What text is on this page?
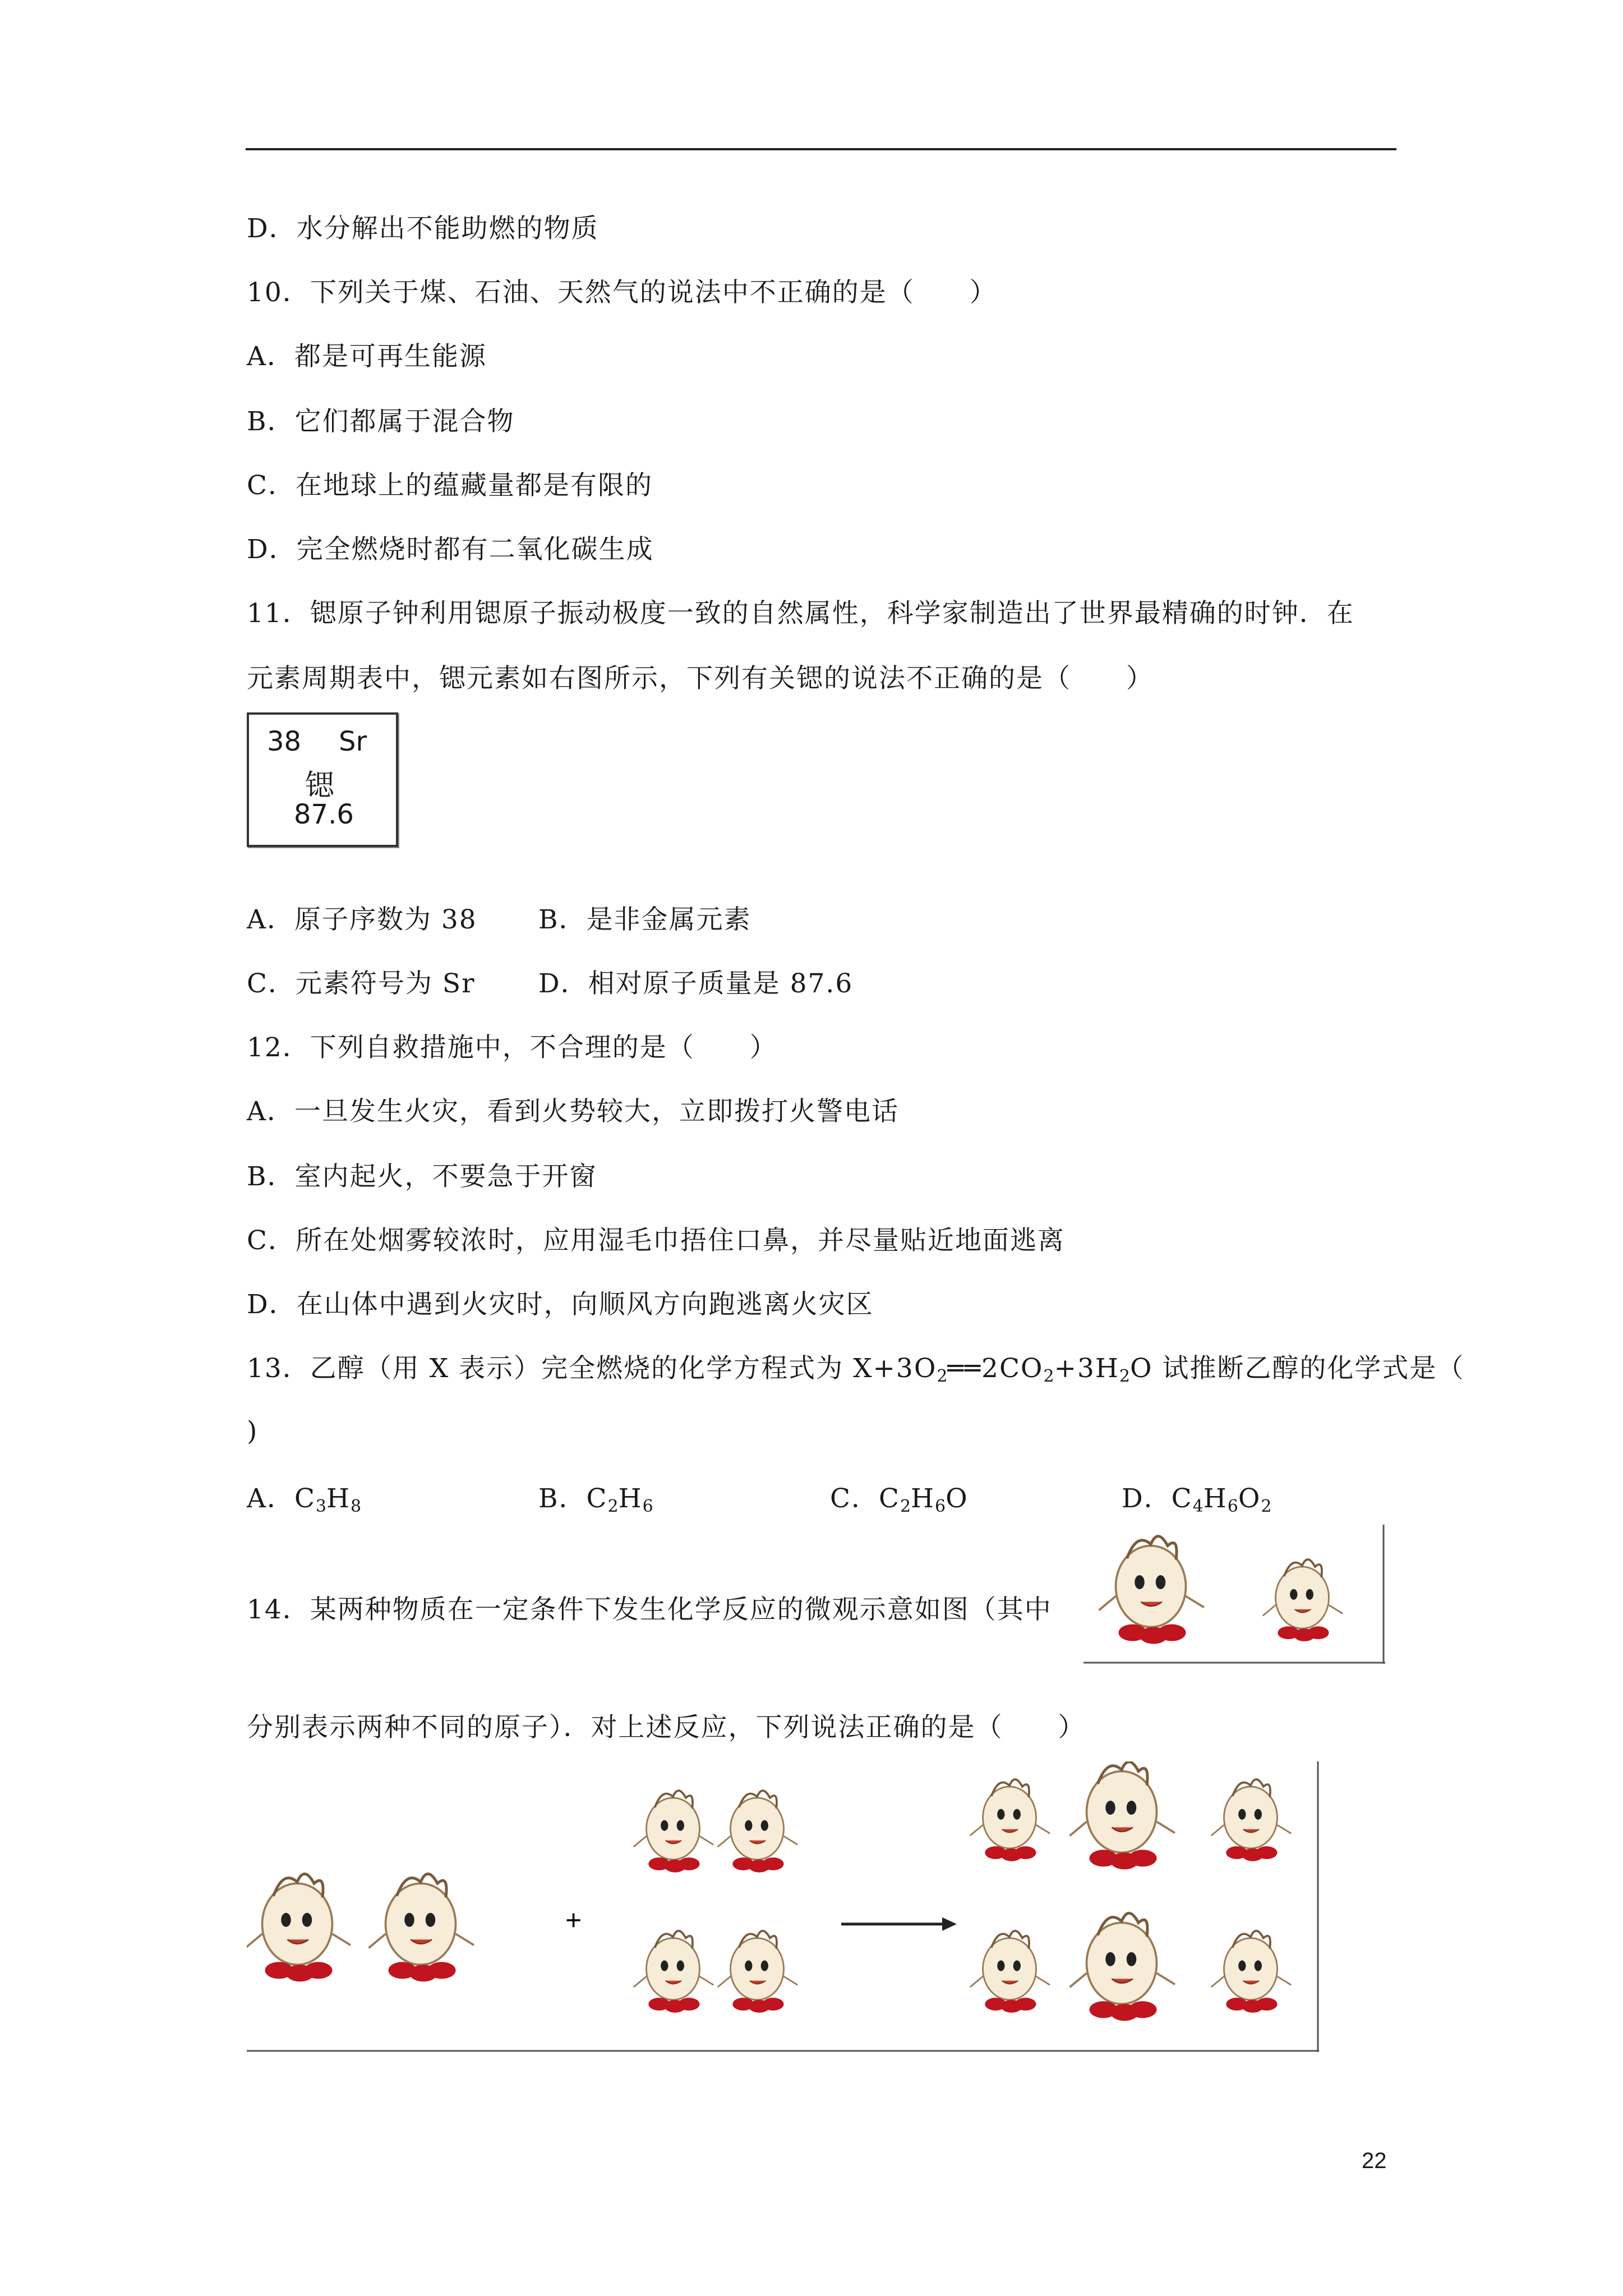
D．水分解出不能助燃的物质
10．下列关于煤、石油、天然气的说法中不正确的是（　　）
A．都是可再生能源
B．它们都属于混合物
C．在地球上的蕴藏量都是有限的
D．完全燃烧时都有二氧化碳生成
11．锶原子钟利用锶原子振动极度一致的自然属性，科学家制造出了世界最精确的时钟．在
元素周期表中，锶元素如右图所示，下列有关锶的说法不正确的是（　　）
38 Sr
锶
87.6
A．原子序数为 38 B．是非金属元素
C．元素符号为 Sr D．相对原子质量是 87.6
12．下列自救措施中，不合理的是（　　）
A．一旦发生火灾，看到火势较大，立即拨打火警电话
B．室内起火，不要急于开窗
C．所在处烟雾较浓时，应用湿毛巾捂住口鼻，并尽量贴近地面逃离
D．在山体中遇到火灾时，向顺风方向跑逃离火灾区
13．乙醇（用 X 表示）完全燃烧的化学方程式为 $X+3O_2══2CO_2+3H_2O$ 试推断乙醇的化学式是（
)
A．$C_3H_8$	B．$C_2H_6$	C．$C_2H_6O$	D．$C_4H_6O_2$
14．某两种物质在一定条件下发生化学反应的微观示意如图（其中
分别表示两种不同的原子）．对上述反应，下列说法正确的是（　　）
+
22
